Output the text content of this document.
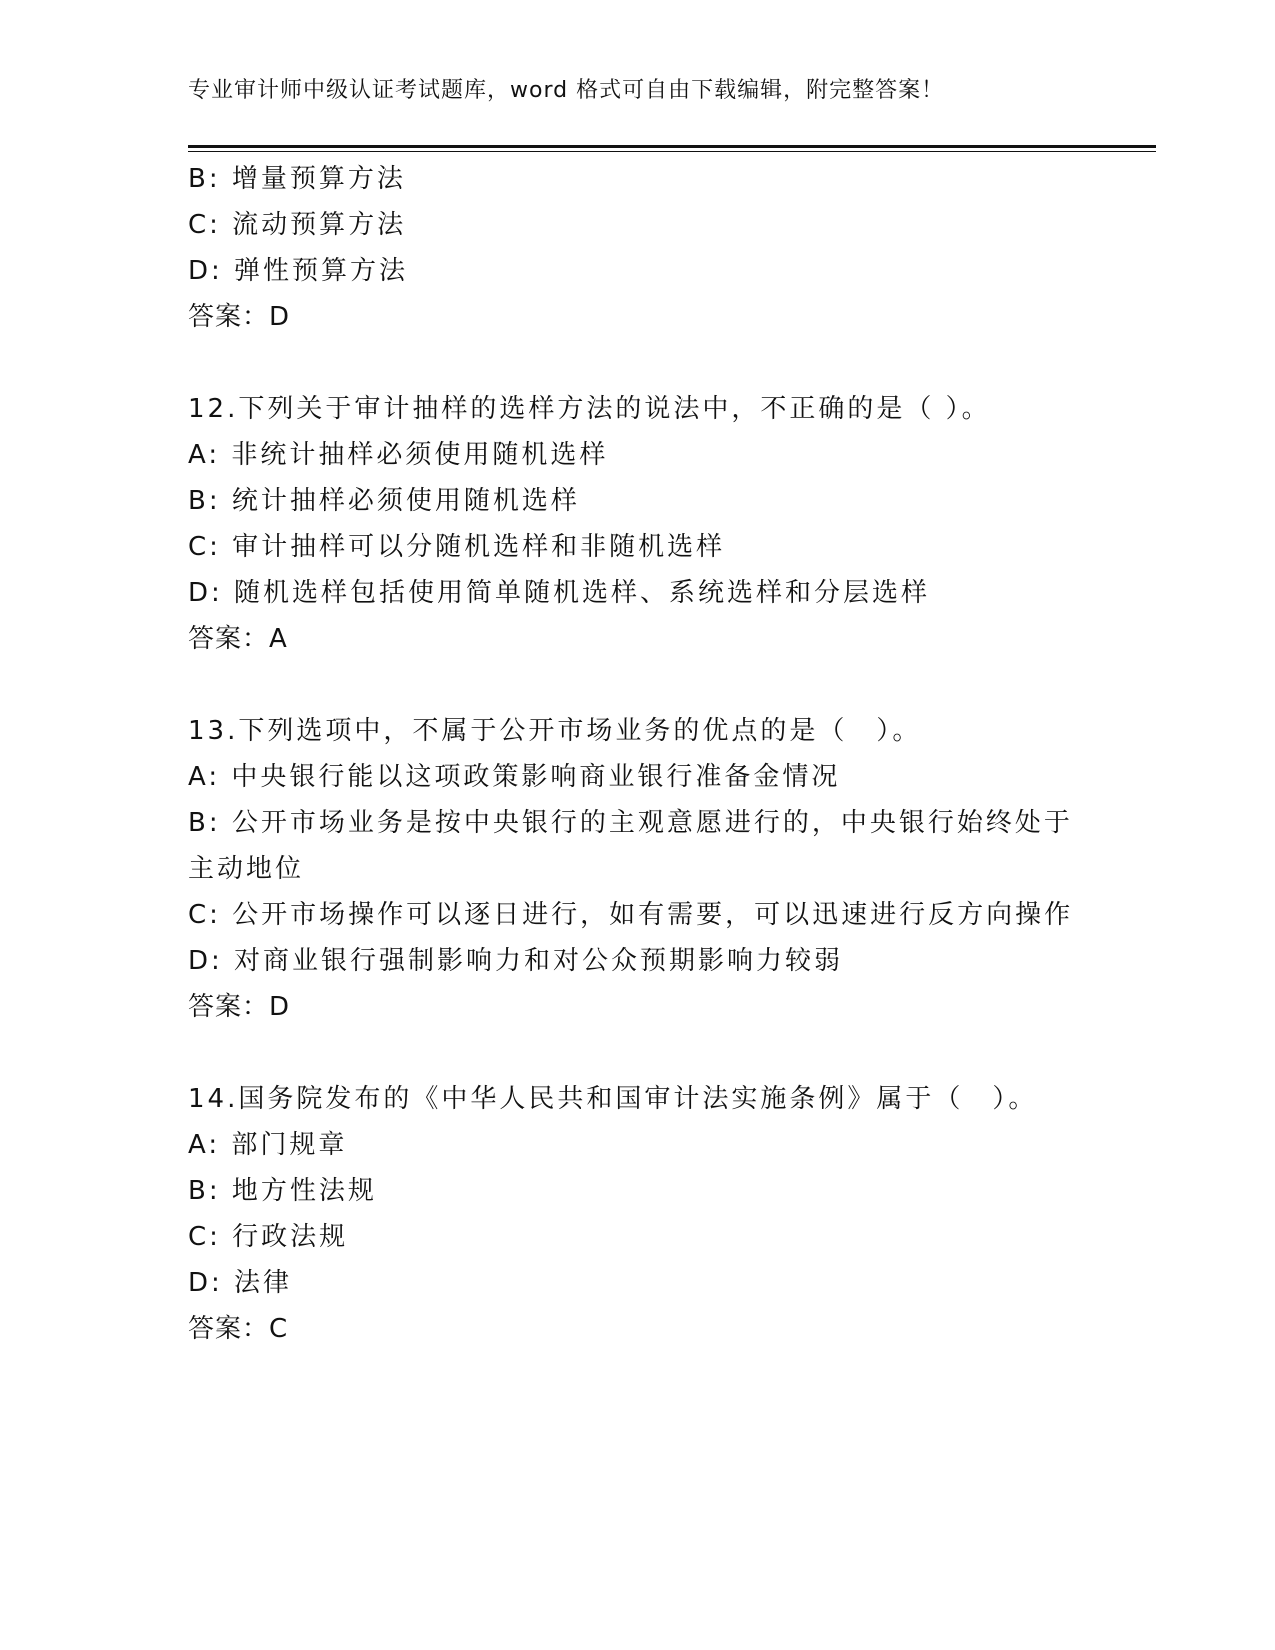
专业审计师中级认证考试题库，word 格式可自由下载编辑，附完整答案！
B: 增量预算方法
C: 流动预算方法
D: 弹性预算方法
答案：D
12.下列关于审计抽样的选样方法的说法中，不正确的是（ ）。
A: 非统计抽样必须使用随机选样
B: 统计抽样必须使用随机选样
C: 审计抽样可以分随机选样和非随机选样
D: 随机选样包括使用简单随机选样、系统选样和分层选样
答案：A
13.下列选项中，不属于公开市场业务的优点的是（　）。
A: 中央银行能以这项政策影响商业银行准备金情况
B: 公开市场业务是按中央银行的主观意愿进行的，中央银行始终处于主动地位
C: 公开市场操作可以逐日进行，如有需要，可以迅速进行反方向操作
D: 对商业银行强制影响力和对公众预期影响力较弱
答案：D
14.国务院发布的《中华人民共和国审计法实施条例》属于（　）。
A: 部门规章
B: 地方性法规
C: 行政法规
D: 法律
答案：C
